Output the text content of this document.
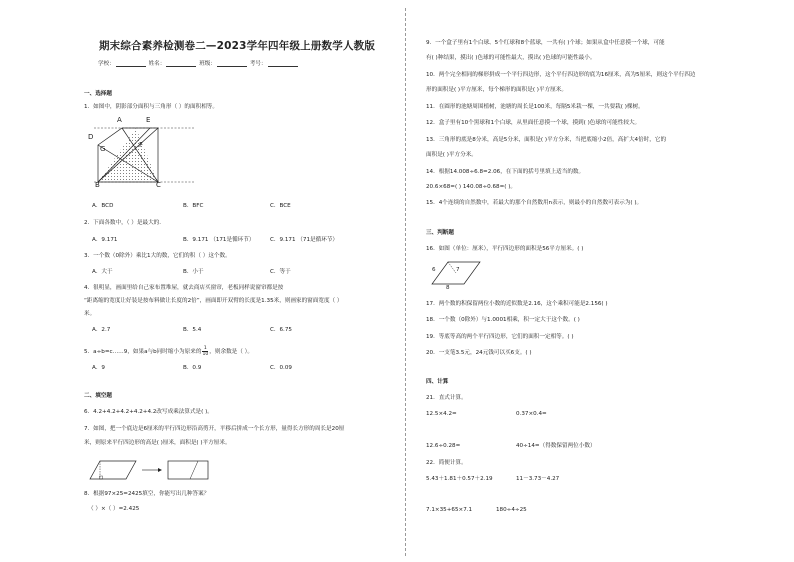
期末综合素养检测卷二—2023学年四年级上册数学人教版
学校：	姓名：	班级：	考号：
一、选择题
1．如图中，阴影部分面积与三角形（ ）的面积相等。
A	E
D
G	F
B	C
A．BCD	B．BFC	C．BCE
2．下面各数中，（ ）是最大的.
A．9.171	B．9.171 （171是循环节）	C．9.171 （71是循环节）
3．一个数（0除外）乘比1大的数，它们的积（ ）这个数。
A．大于	B．小于	C．等于
4．很明显，画面里给自己家布置堆屋，就去商店买窗帘，老板同样说窗帘都是按
“距离缩的宽度让好装是按布料做让长度的2倍”，画面即开双臂的长度是1.35米，则画家的窗面宽度（ ）
米。
A．2.7	B．5.4	C．6.75
5．a÷b=c……9，如果a与b同时缩小为原来的 $\frac{1}{10}$ ，则余数是（ ）。
A．9	B．0.9	C．0.09
二、填空题
6．4.2+4.2+4.2+4.2+4.2改写成乘法算式是( )。
7．如图，把一个底边是6厘米的平行四边形沿高剪开，平移后拼成一个长方形，量得长方形的周长是20厘
米，则原来平行四边形的高是( )厘米，面积是( )平方厘米。
8．根据97×25=2425填空，你能写出几种答案？
（ ）×（ ）=2.425
9．一个盒子里有1个白球、5个红球和8个蓝球，一共有( )个球；如果从盒中任意摸一个球，可能
有( )种结果，摸出( )色球的可能性最大，摸出( )色球的可能性最小。
10．两个完全相同的梯形拼成一个平行四边形，这个平行四边形的底为16厘米，高为5厘米，则这个平行四边
形的面积是( )平方厘米，每个梯形的面积是( )平方厘米。
11．在圆形的池塘周围植树，池塘的周长是100米，每隔5米栽一棵，一共要栽( )棵树。
12．盒子里有10个黑球和1个白球，从里面任意摸一个球，摸到( )色球的可能性较大。
13．三角形的底是8分米，高是5分米，面积是( )平方分米，当把底缩小2倍，高扩大4倍时，它的
面积是( )平方分米。
14．根据14.008÷6.8=2.06，在下面的括号里填上适当的数。
20.6×68=( ) 140.08÷0.68=( )。
15．4个连续的自然数中，若最大的那个自然数用n表示，则最小的自然数可表示为( )。
三、判断题
16．如图（单位：厘米），平行四边形的面积是56平方厘米。( )
6	7
8
17．两个数的积保留两位小数的近似数是2.16，这个乘积可能是2.156( )
18．一个数（0除外）与1.0001相乘，积一定大于这个数。( )
19．等底等高的两个平行四边形，它们的面积一定相等。( )
20．一支笔3.5元，24元钱可以买6支。( )
四、计算
21．直式计算。
12.5×4.2=	0.37×0.4=
12.6÷0.28=	40÷14=（得数保留两位小数）
22．简便计算。
5.43＋1.81＋0.57＋2.19	11－3.73－4.27
7.1×35+65×7.1	180÷4÷25
